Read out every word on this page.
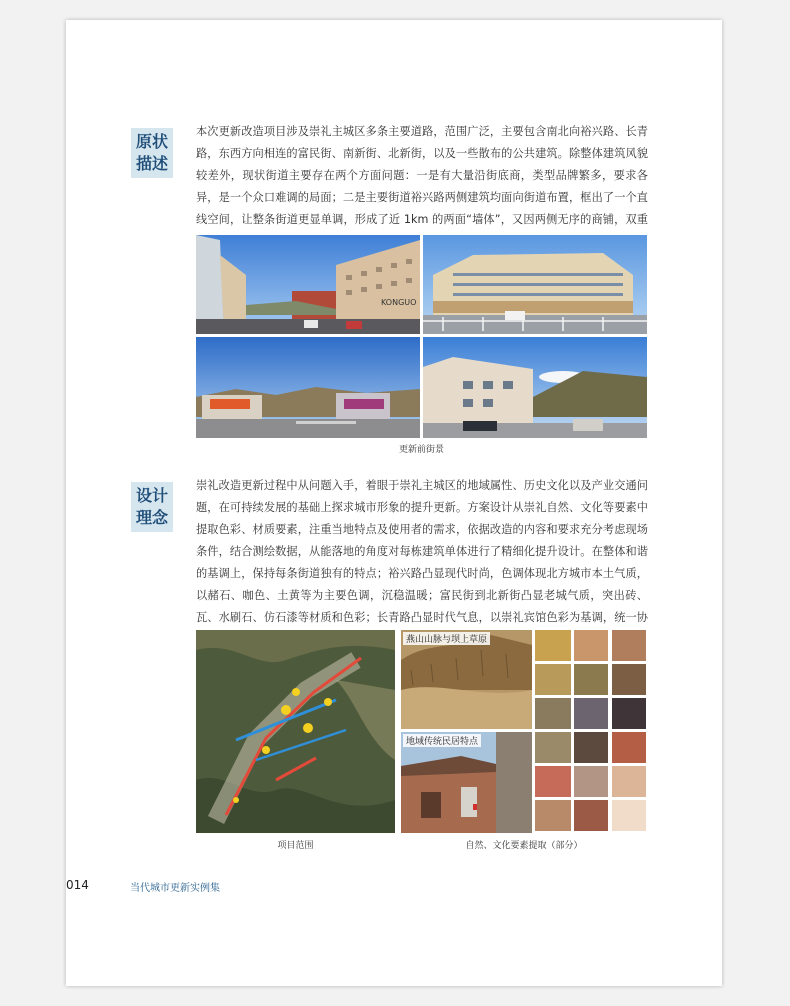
原状描述
本次更新改造项目涉及崇礼主城区多条主要道路，范围广泛，主要包含南北向裕兴路、长青路，东西方向相连的富民街、南新街、北新街，以及一些散布的公共建筑。除整体建筑风貌较差外，现状街道主要存在两个方面问题：一是有大量沿街底商，类型品牌繁多，要求各异，是一个众口难调的局面；二是主要街道裕兴路两侧建筑均面向街道布置，框出了一个直线空间，让整条街道更显单调，形成了近 1km 的两面“墙体”，又因两侧无序的商铺，双重
KONGUO
更新前街景
设计理念
崇礼改造更新过程中从问题入手，着眼于崇礼主城区的地域属性、历史文化以及产业交通问题，在可持续发展的基础上探求城市形象的提升更新。方案设计从崇礼自然、文化等要素中提取色彩、材质要素，注重当地特点及使用者的需求，依据改造的内容和要求充分考虑现场条件，结合测绘数据，从能落地的角度对每栋建筑单体进行了精细化提升设计。在整体和谐的基调上，保持每条街道独有的特点；裕兴路凸显现代时尚，色调体现北方城市本土气质，以赭石、咖色、土黄等为主要色调，沉稳温暖；富民街到北新街凸显老城气质，突出砖、瓦、水刷石、仿石漆等材质和色彩；长青路凸显时代气息，以崇礼宾馆色彩为基调，统一协
项目范围
燕山山脉与坝上草原
地域传统民居特点
自然、文化要素提取（部分）
014	当代城市更新实例集
